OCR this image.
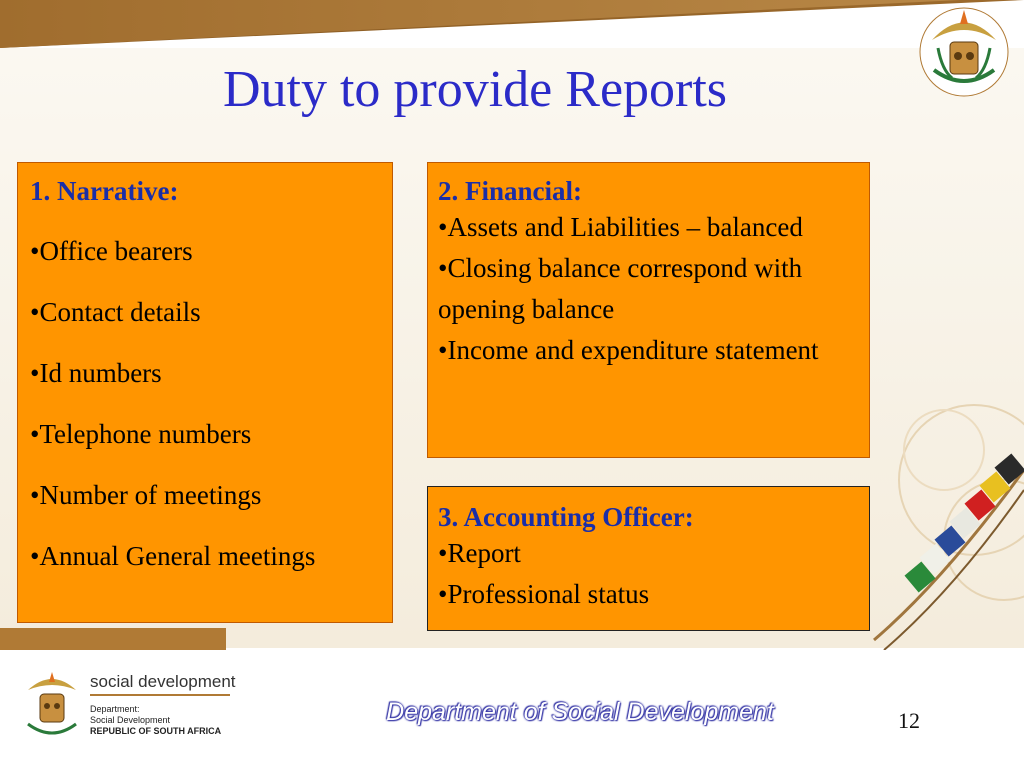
Duty to provide Reports
1. Narrative:
•Office bearers
•Contact details
•Id numbers
•Telephone numbers
•Number of meetings
•Annual General meetings
2. Financial:
•Assets and Liabilities – balanced
•Closing balance correspond with opening balance
•Income and expenditure statement
3. Accounting Officer:
•Report
•Professional status
social development
Department:
Social Development
REPUBLIC OF SOUTH AFRICA
Department of Social Development	12
